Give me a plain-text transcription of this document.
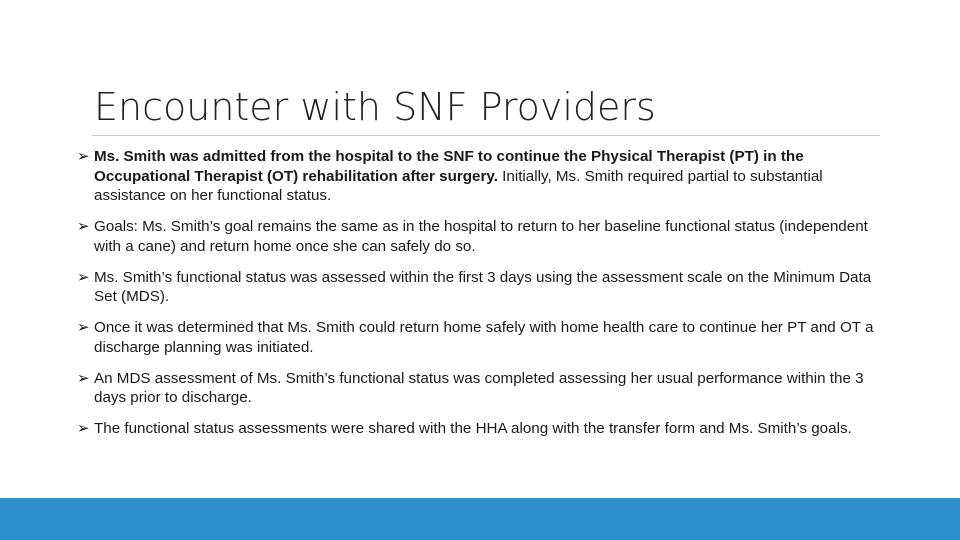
Encounter with SNF Providers
➢ Ms. Smith was admitted from the hospital to the SNF to continue the Physical Therapist (PT) in the Occupational Therapist (OT) rehabilitation after surgery. Initially, Ms. Smith required partial to substantial assistance on her functional status.
➢ Goals: Ms. Smith’s goal remains the same as in the hospital to return to her baseline functional status (independent with a cane) and return home once she can safely do so.
➢ Ms. Smith’s functional status was assessed within the first 3 days using the assessment scale on the Minimum Data Set (MDS).
➢ Once it was determined that Ms. Smith could return home safely with home health care to continue her PT and OT a discharge planning was initiated.
➢ An MDS assessment of Ms. Smith’s functional status was completed assessing her usual performance within the 3 days prior to discharge.
➢ The functional status assessments were shared with the HHA along with the transfer form and Ms. Smith’s goals.
